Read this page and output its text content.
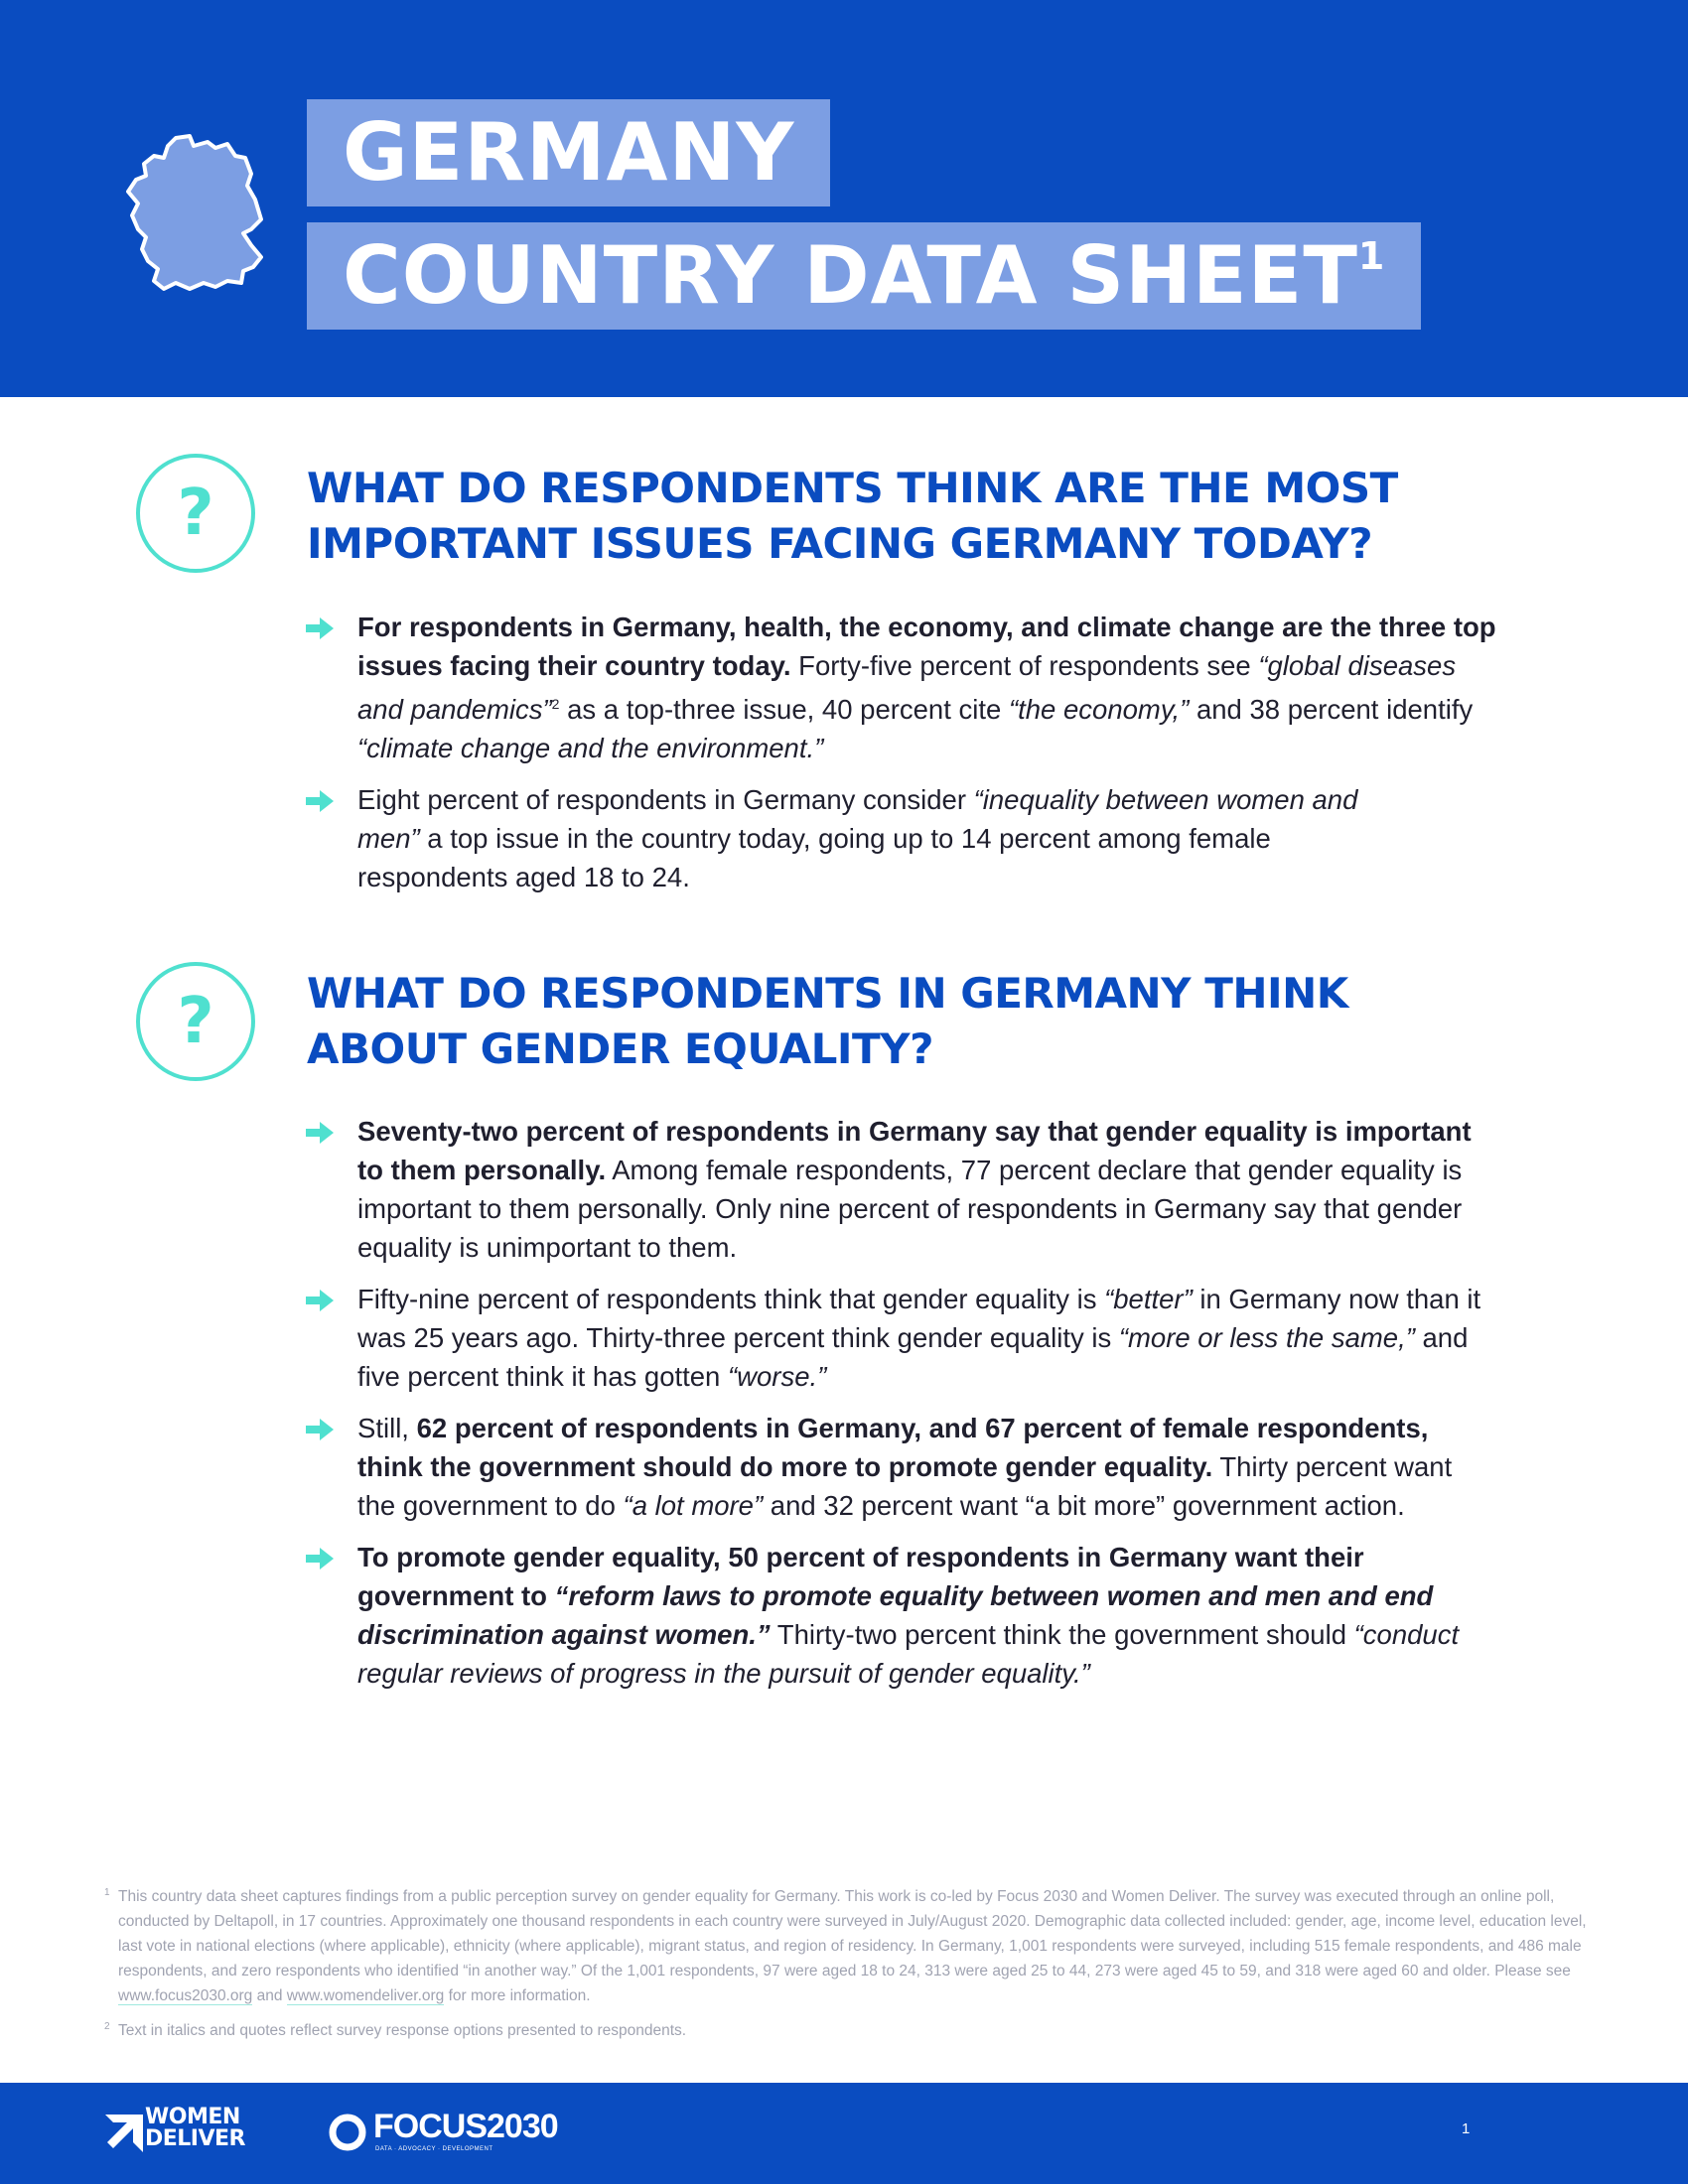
GERMANY
COUNTRY DATA SHEET$^1$
?	WHAT DO RESPONDENTS THINK ARE THE MOST IMPORTANT ISSUES FACING GERMANY TODAY?
For respondents in Germany, health, the economy, and climate change are the three top issues facing their country today. Forty-five percent of respondents see “global diseases and pandemics”$^2$ as a top-three issue, 40 percent cite “the economy,” and 38 percent identify “climate change and the environment.”
Eight percent of respondents in Germany consider “inequality between women and men” a top issue in the country today, going up to 14 percent among female respondents aged 18 to 24.
?	WHAT DO RESPONDENTS IN GERMANY THINK ABOUT GENDER EQUALITY?
Seventy-two percent of respondents in Germany say that gender equality is important to them personally. Among female respondents, 77 percent declare that gender equality is important to them personally. Only nine percent of respondents in Germany say that gender equality is unimportant to them.
Fifty-nine percent of respondents think that gender equality is “better” in Germany now than it was 25 years ago. Thirty-three percent think gender equality is “more or less the same,” and five percent think it has gotten “worse.”
Still, 62 percent of respondents in Germany, and 67 percent of female respondents, think the government should do more to promote gender equality. Thirty percent want the government to do “a lot more” and 32 percent want “a bit more” government action.
To promote gender equality, 50 percent of respondents in Germany want their government to “reform laws to promote equality between women and men and end discrimination against women.” Thirty-two percent think the government should “conduct regular reviews of progress in the pursuit of gender equality.”
1 This country data sheet captures findings from a public perception survey on gender equality for Germany. This work is co-led by Focus 2030 and Women Deliver. The survey was executed through an online poll, conducted by Deltapoll, in 17 countries. Approximately one thousand respondents in each country were surveyed in July/August 2020. Demographic data collected included: gender, age, income level, education level, last vote in national elections (where applicable), ethnicity (where applicable), migrant status, and region of residency. In Germany, 1,001 respondents were surveyed, including 515 female respondents, and 486 male respondents, and zero respondents who identified “in another way.” Of the 1,001 respondents, 97 were aged 18 to 24, 313 were aged 25 to 44, 273 were aged 45 to 59, and 318 were aged 60 and older. Please see www.focus2030.org and www.womendeliver.org for more information.
2 Text in italics and quotes reflect survey response options presented to respondents.
WOMEN
DELIVER	FOCUS2030
DATA · ADVOCACY · DEVELOPMENT
1
